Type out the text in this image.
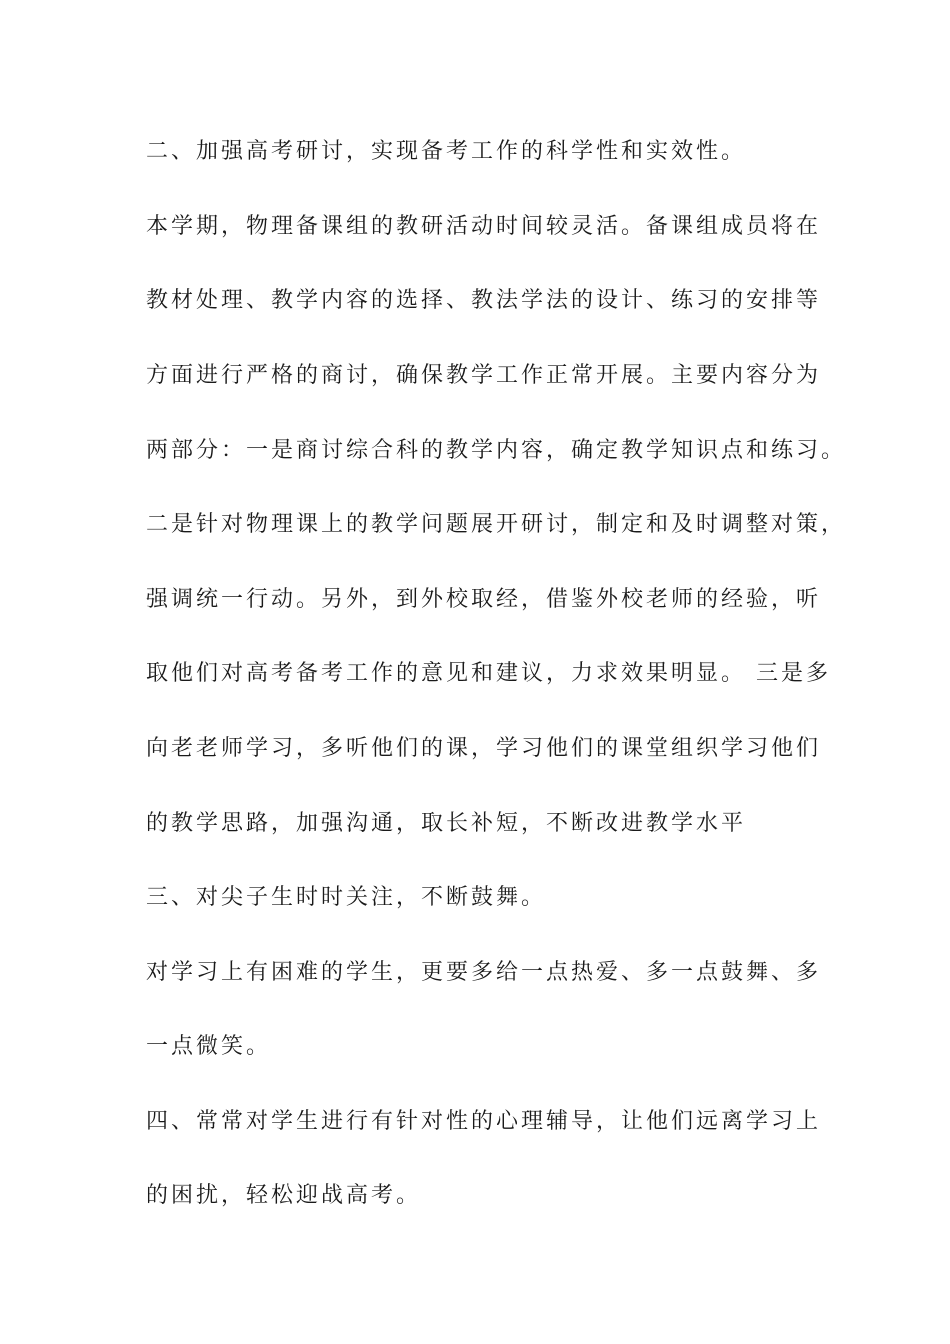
二、加强高考研讨，实现备考工作的科学性和实效性。
本学期，物理备课组的教研活动时间较灵活。备课组成员将在
教材处理、教学内容的选择、教法学法的设计、练习的安排等
方面进行严格的商讨，确保教学工作正常开展。主要内容分为
两部分：一是商讨综合科的教学内容，确定教学知识点和练习。
二是针对物理课上的教学问题展开研讨，制定和及时调整对策，
强调统一行动。另外，到外校取经，借鉴外校老师的经验，听
取他们对高考备考工作的意见和建议，力求效果明显。 三是多
向老老师学习，多听他们的课，学习他们的课堂组织学习他们
的教学思路，加强沟通，取长补短，不断改进教学水平
三、对尖子生时时关注，不断鼓舞。
对学习上有困难的学生，更要多给一点热爱、多一点鼓舞、多
一点微笑。
四、常常对学生进行有针对性的心理辅导，让他们远离学习上
的困扰，轻松迎战高考。
